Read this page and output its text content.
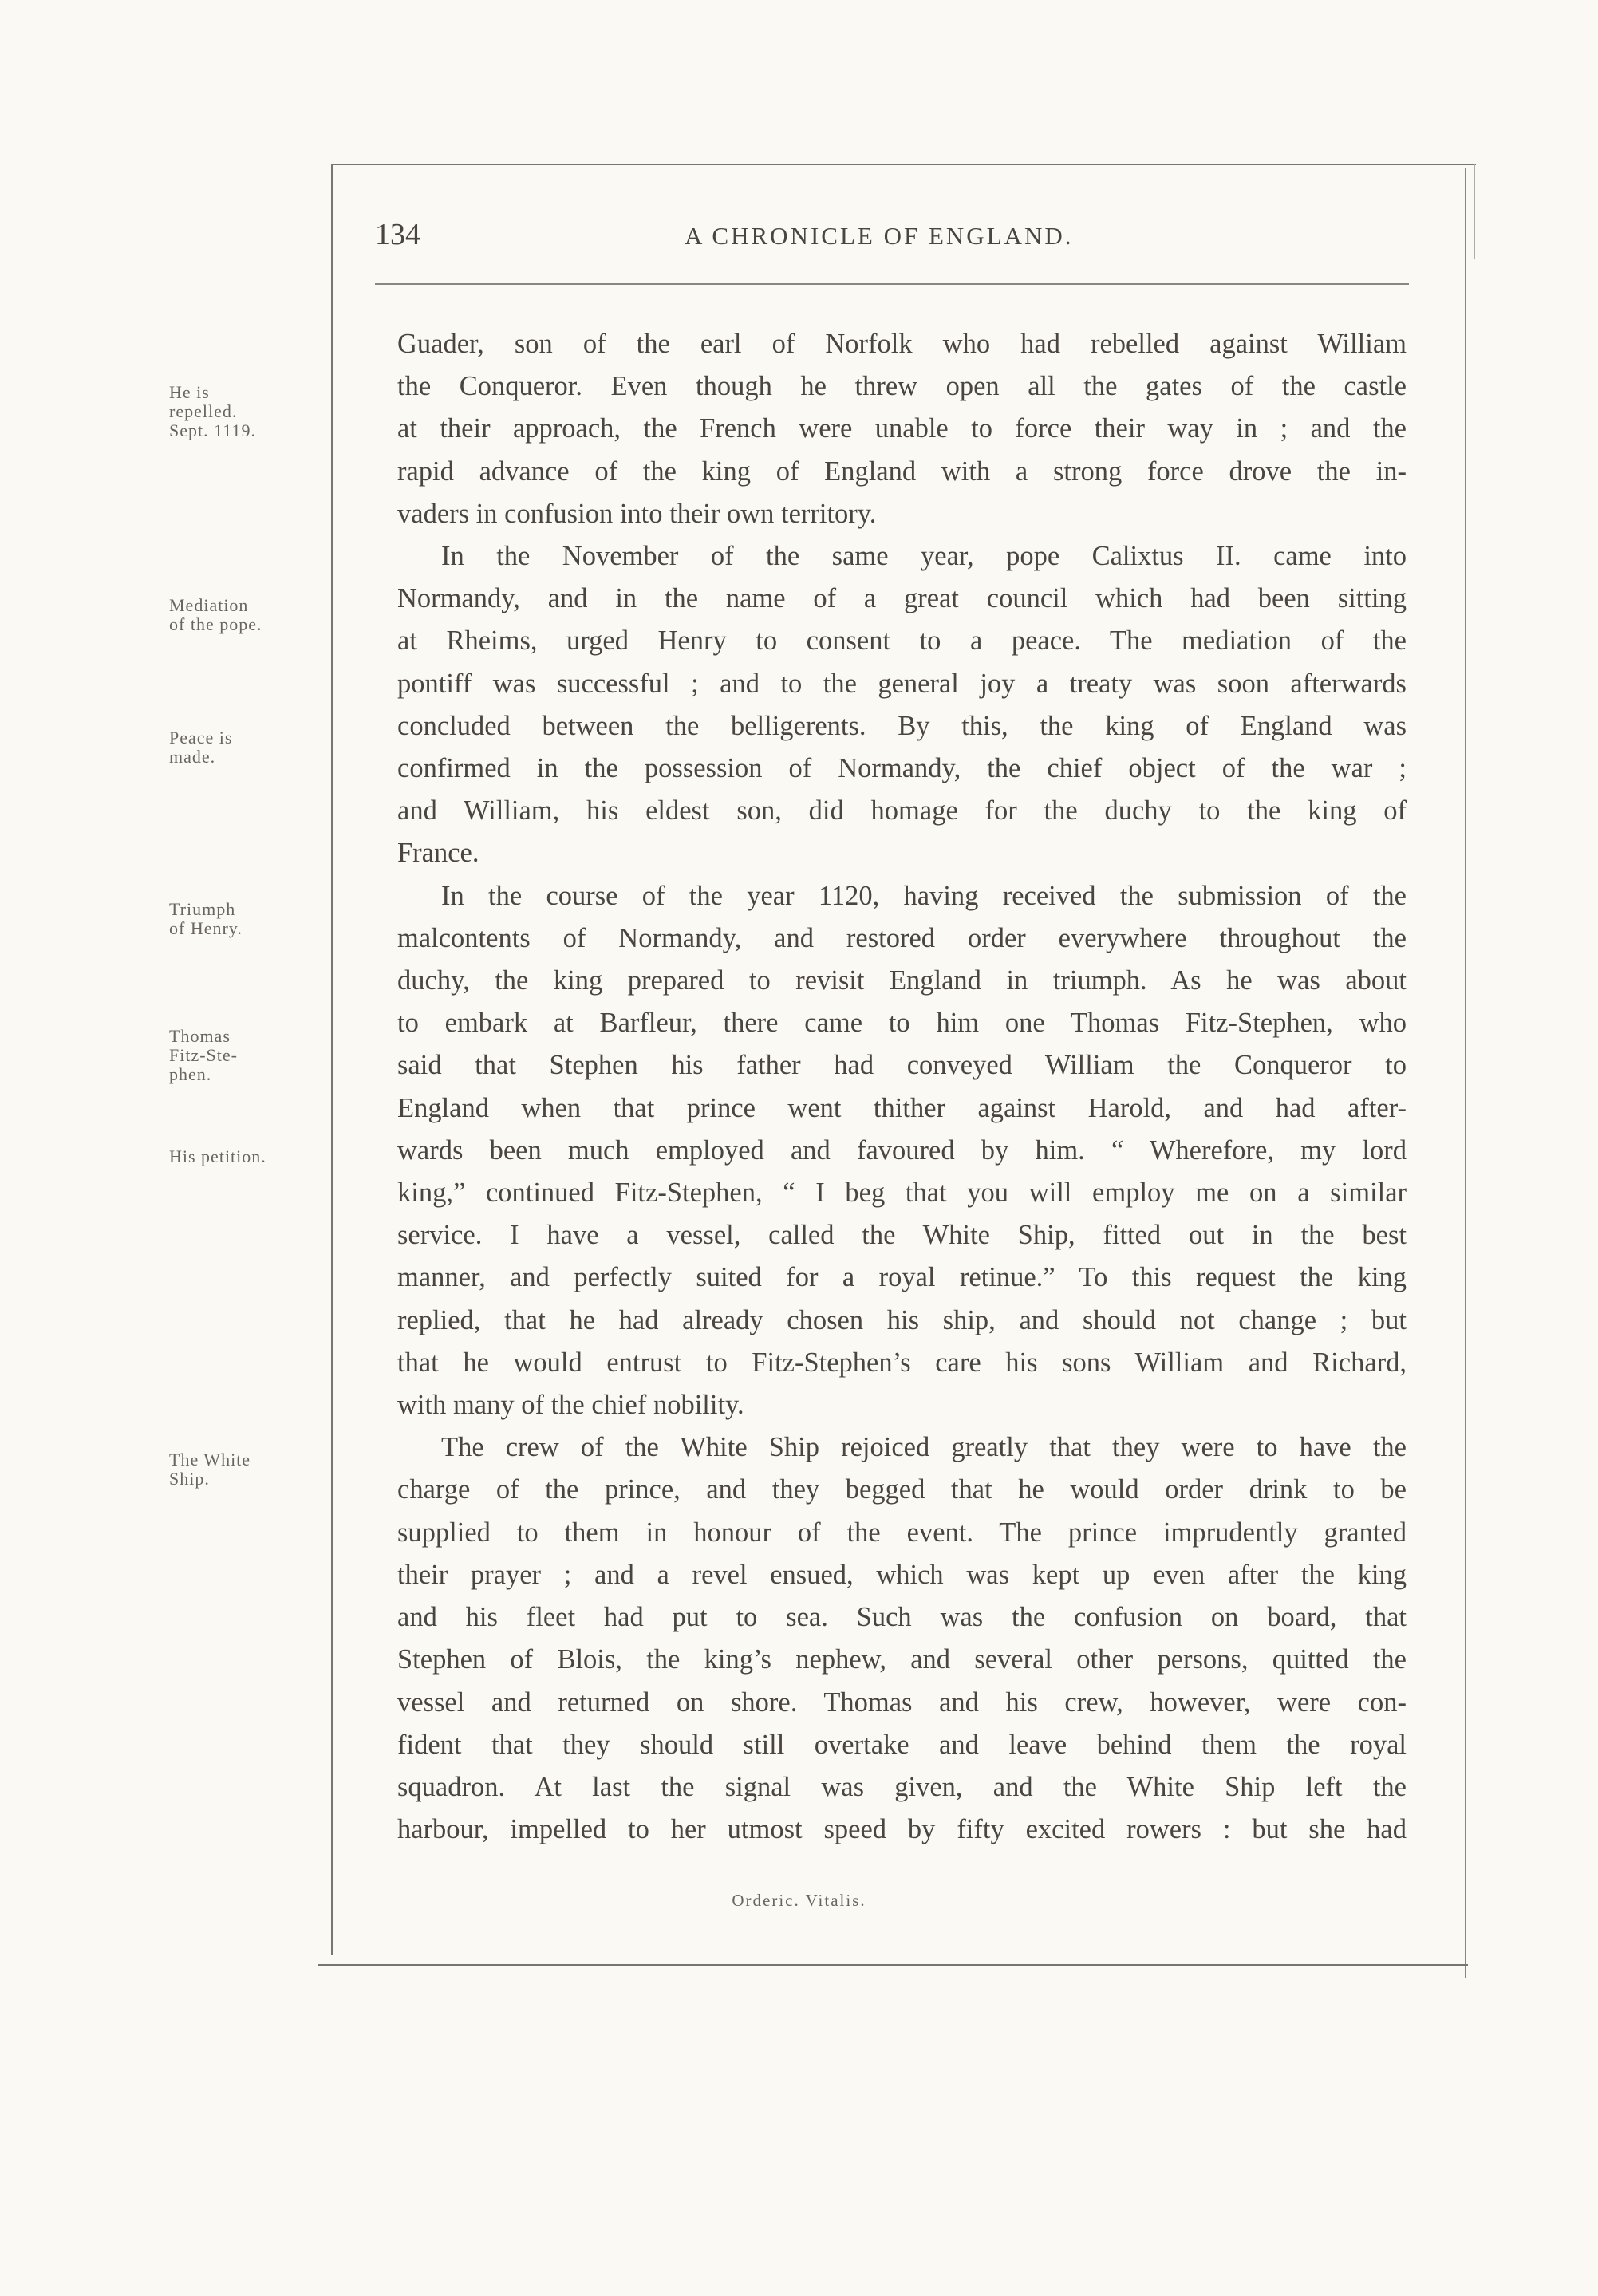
134	A CHRONICLE OF ENGLAND.
He is
repelled.
Sept. 1119.
Mediation
of the pope.
Peace is
made.
Triumph
of Henry.
Thomas
Fitz-Ste-
phen.
His petition.
The White
Ship.

Guader, son of the earl of Norfolk who had rebelled against William
the Conqueror. Even though he threw open all the gates of the castle
at their approach, the French were unable to force their way in ; and the
rapid advance of the king of England with a strong force drove the in-
vaders in confusion into their own territory.

In the November of the same year, pope Calixtus II. came into
Normandy, and in the name of a great council which had been sitting
at Rheims, urged Henry to consent to a peace. The mediation of the
pontiff was successful ; and to the general joy a treaty was soon afterwards
concluded between the belligerents. By this, the king of England was
confirmed in the possession of Normandy, the chief object of the war ;
and William, his eldest son, did homage for the duchy to the king of
France.

In the course of the year 1120, having received the submission of the
malcontents of Normandy, and restored order everywhere throughout the
duchy, the king prepared to revisit England in triumph. As he was about
to embark at Barfleur, there came to him one Thomas Fitz-Stephen, who
said that Stephen his father had conveyed William the Conqueror to
England when that prince went thither against Harold, and had after-
wards been much employed and favoured by him. “ Wherefore, my lord
king,” continued Fitz-Stephen, “ I beg that you will employ me on a similar
service. I have a vessel, called the White Ship, fitted out in the best
manner, and perfectly suited for a royal retinue.” To this request the king
replied, that he had already chosen his ship, and should not change ; but
that he would entrust to Fitz-Stephen’s care his sons William and Richard,
with many of the chief nobility.

The crew of the White Ship rejoiced greatly that they were to have the
charge of the prince, and they begged that he would order drink to be
supplied to them in honour of the event. The prince imprudently granted
their prayer ; and a revel ensued, which was kept up even after the king
and his fleet had put to sea. Such was the confusion on board, that
Stephen of Blois, the king’s nephew, and several other persons, quitted the
vessel and returned on shore. Thomas and his crew, however, were con-
fident that they should still overtake and leave behind them the royal
squadron. At last the signal was given, and the White Ship left the
harbour, impelled to her utmost speed by fifty excited rowers : but she had

Orderic. Vitalis.
